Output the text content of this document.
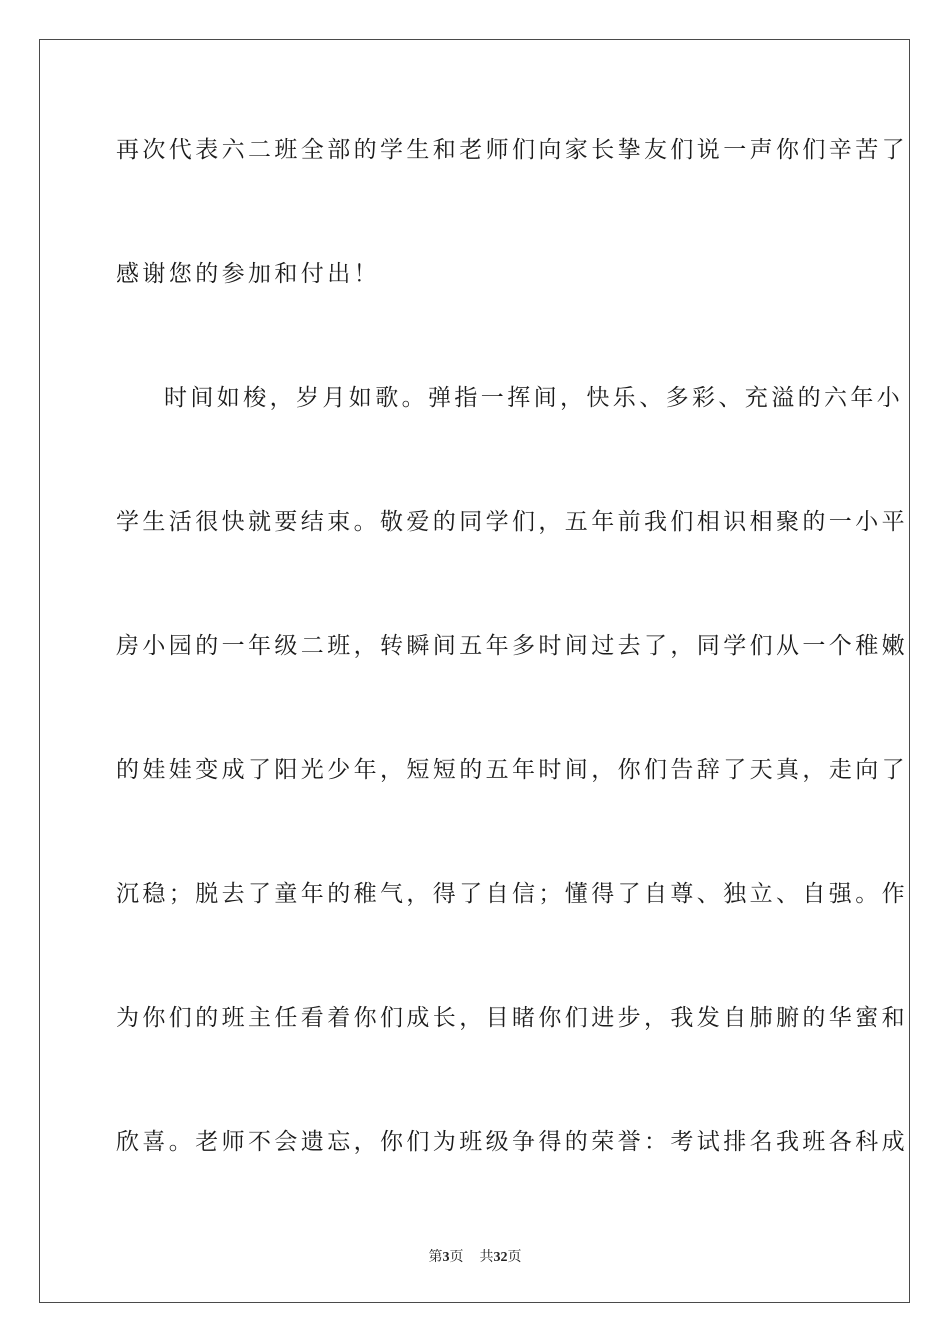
再次代表六二班全部的学生和老师们向家长挚友们说一声你们辛苦了

感谢您的参加和付出！

时间如梭，岁月如歌。弹指一挥间，快乐、多彩、充溢的六年小

学生活很快就要结束。敬爱的同学们，五年前我们相识相聚的一小平

房小园的一年级二班，转瞬间五年多时间过去了，同学们从一个稚嫩

的娃娃变成了阳光少年，短短的五年时间，你们告辞了天真，走向了

沉稳；脱去了童年的稚气，得了自信；懂得了自尊、独立、自强。作

为你们的班主任看着你们成长，目睹你们进步，我发自肺腑的华蜜和

欣喜。老师不会遗忘，你们为班级争得的荣誉：考试排名我班各科成

第3页 共32页
